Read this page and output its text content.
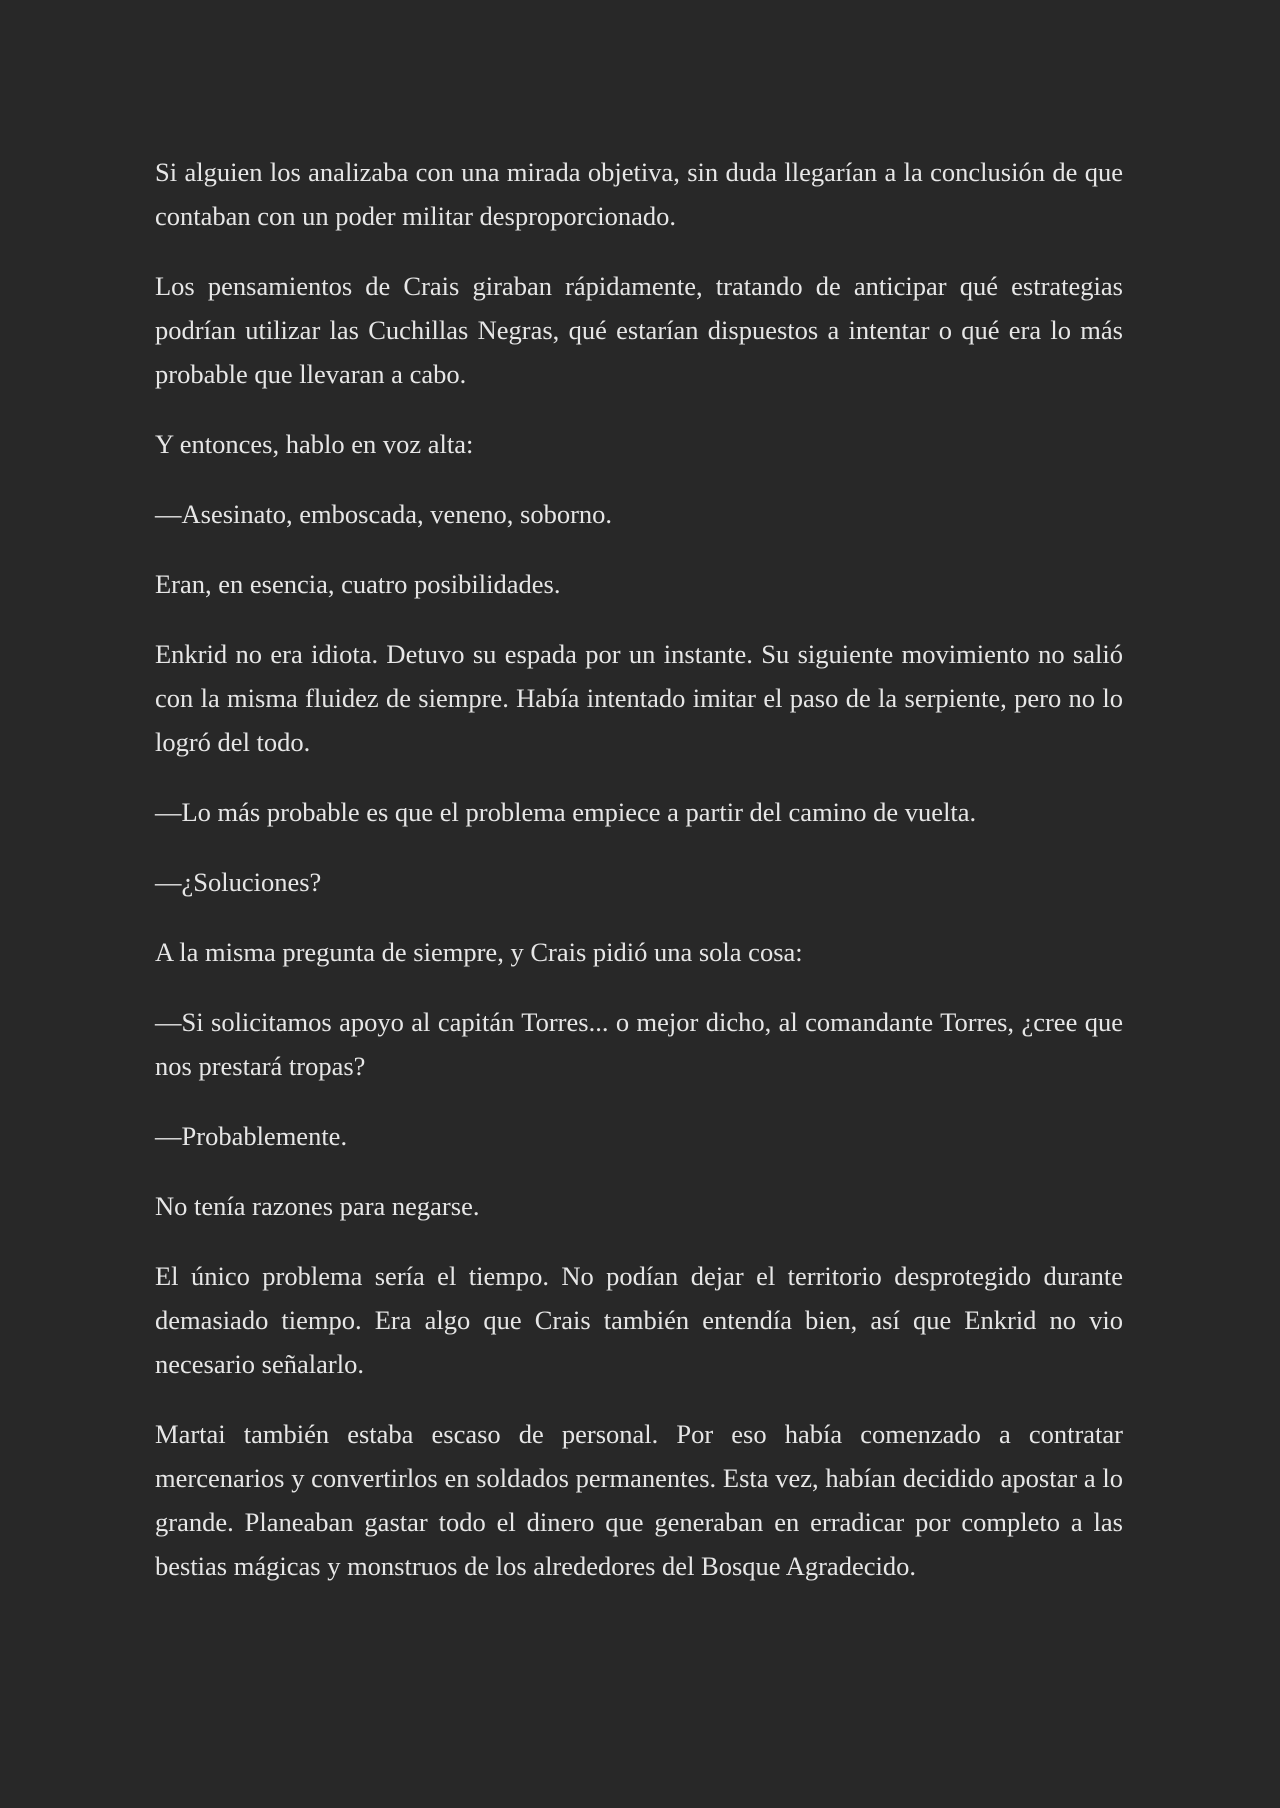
Si alguien los analizaba con una mirada objetiva, sin duda llegarían a la conclusión de que contaban con un poder militar desproporcionado.

Los pensamientos de Crais giraban rápidamente, tratando de anticipar qué estrategias podrían utilizar las Cuchillas Negras, qué estarían dispuestos a intentar o qué era lo más probable que llevaran a cabo.

Y entonces, hablo en voz alta:

—Asesinato, emboscada, veneno, soborno.

Eran, en esencia, cuatro posibilidades.

Enkrid no era idiota. Detuvo su espada por un instante. Su siguiente movimiento no salió con la misma fluidez de siempre. Había intentado imitar el paso de la serpiente, pero no lo logró del todo.

—Lo más probable es que el problema empiece a partir del camino de vuelta.

—¿Soluciones?

A la misma pregunta de siempre, y Crais pidió una sola cosa:

—Si solicitamos apoyo al capitán Torres... o mejor dicho, al comandante Torres, ¿cree que nos prestará tropas?

—Probablemente.

No tenía razones para negarse.

El único problema sería el tiempo. No podían dejar el territorio desprotegido durante demasiado tiempo. Era algo que Crais también entendía bien, así que Enkrid no vio necesario señalarlo.

Martai también estaba escaso de personal. Por eso había comenzado a contratar mercenarios y convertirlos en soldados permanentes. Esta vez, habían decidido apostar a lo grande. Planeaban gastar todo el dinero que generaban en erradicar por completo a las bestias mágicas y monstruos de los alrededores del Bosque Agradecido.
